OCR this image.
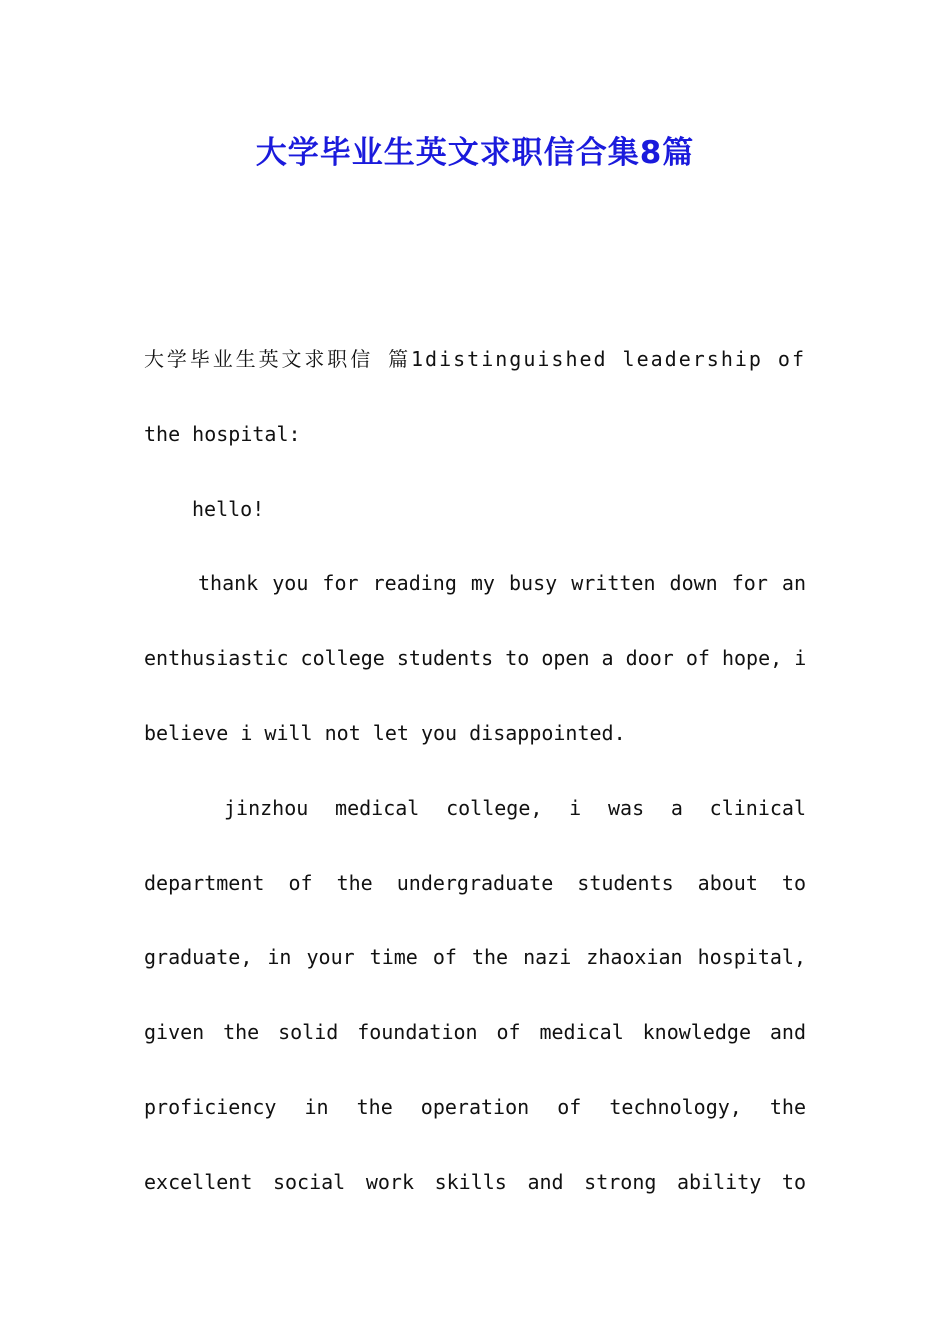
大学毕业生英文求职信合集8篇
大学毕业生英文求职信 篇1distinguished leadership of
the hospital:
hello!
thank you for reading my busy written down for an
enthusiastic college students to open a door of hope, i
believe i will not let you disappointed.
jinzhou medical college, i was a clinical
department of the undergraduate students about to
graduate, in your time of the nazi zhaoxian hospital,
given the solid foundation of medical knowledge and
proficiency in the operation of technology, the
excellent social work skills and strong ability to
